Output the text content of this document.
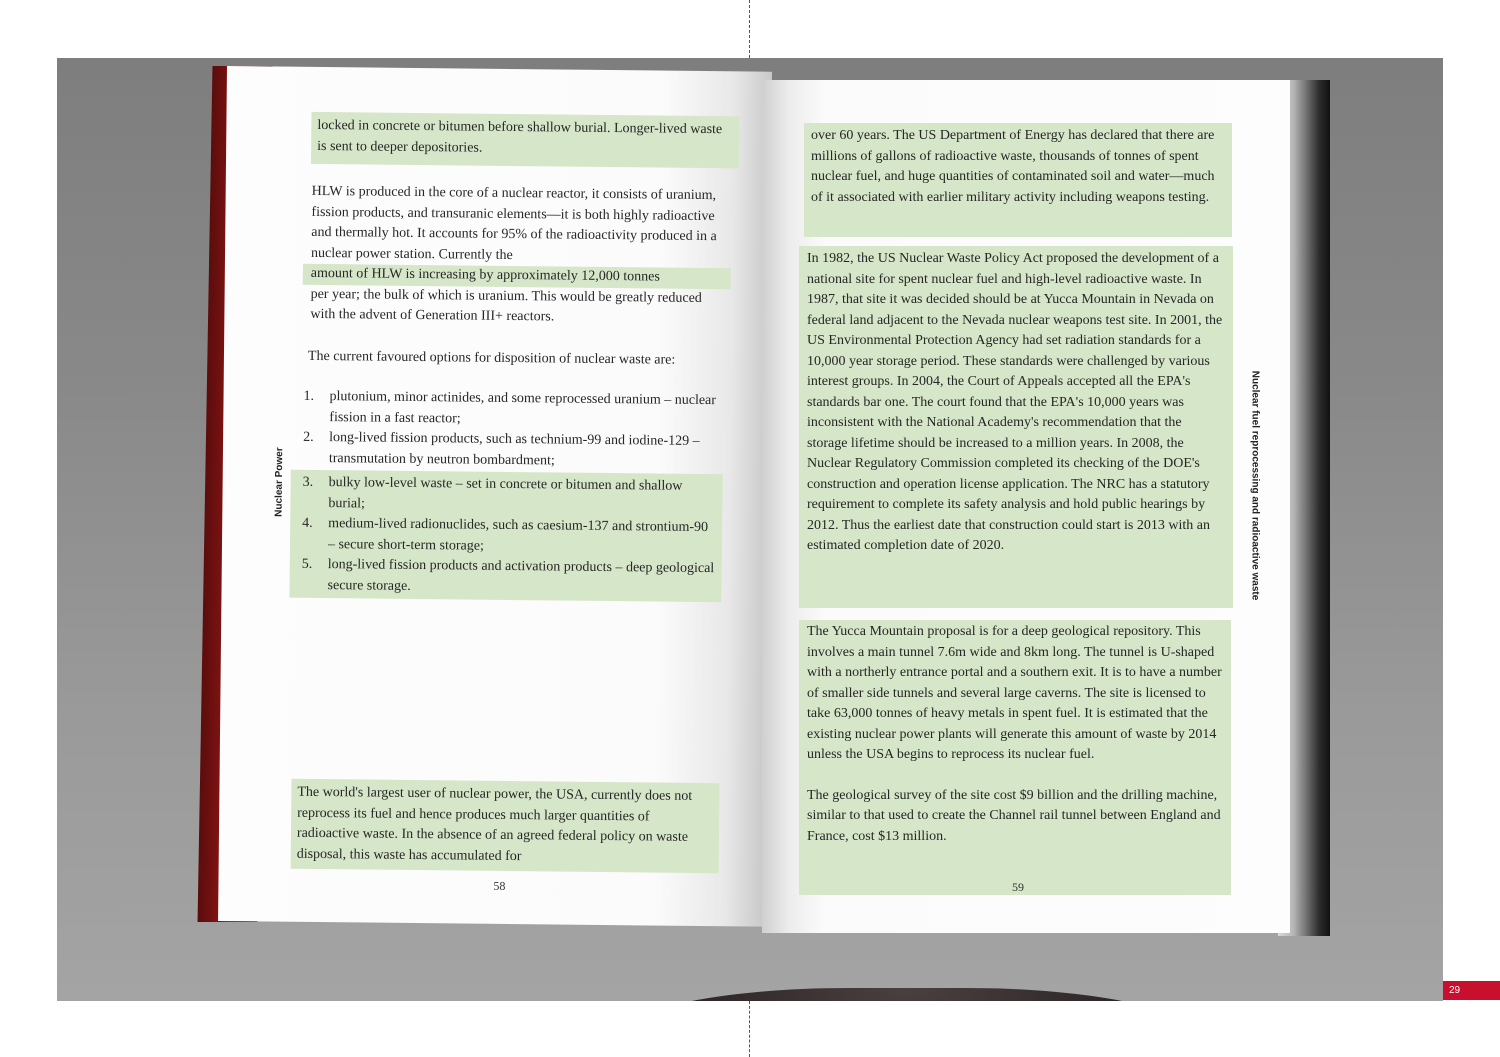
locked in concrete or bitumen before shallow burial. Longer-lived waste is sent to deeper depositories.
HLW is produced in the core of a nuclear reactor, it consists of uranium, fission products, and transuranic elements—it is both highly radioactive and thermally hot. It accounts for 95% of the radioactivity produced in a nuclear power station. Currently the
amount of HLW is increasing by approximately 12,000 tonnes
per year; the bulk of which is uranium. This would be greatly reduced with the advent of Generation III+ reactors.
The current favoured options for disposition of nuclear waste are:
1. plutonium, minor actinides, and some reprocessed uranium – nuclear fission in a fast reactor;
2. long-lived fission products, such as technium-99 and iodine-129 – transmutation by neutron bombardment;
3. bulky low-level waste – set in concrete or bitumen and shallow burial;
4. medium-lived radionuclides, such as caesium-137 and strontium-90 – secure short-term storage;
5. long-lived fission products and activation products – deep geological secure storage.
The world's largest user of nuclear power, the USA, currently does not reprocess its fuel and hence produces much larger quantities of radioactive waste. In the absence of an agreed federal policy on waste disposal, this waste has accumulated for
58
Nuclear Power
over 60 years. The US Department of Energy has declared that there are millions of gallons of radioactive waste, thousands of tonnes of spent nuclear fuel, and huge quantities of contaminated soil and water—much of it associated with earlier military activity including weapons testing.
In 1982, the US Nuclear Waste Policy Act proposed the development of a national site for spent nuclear fuel and high-level radioactive waste. In 1987, that site it was decided should be at Yucca Mountain in Nevada on federal land adjacent to the Nevada nuclear weapons test site. In 2001, the US Environmental Protection Agency had set radiation standards for a 10,000 year storage period. These standards were challenged by various interest groups. In 2004, the Court of Appeals accepted all the EPA's standards bar one. The court found that the EPA's 10,000 years was inconsistent with the National Academy's recommendation that the storage lifetime should be increased to a million years. In 2008, the Nuclear Regulatory Commission completed its checking of the DOE's construction and operation license application. The NRC has a statutory requirement to complete its safety analysis and hold public hearings by 2012. Thus the earliest date that construction could start is 2013 with an estimated completion date of 2020.
The Yucca Mountain proposal is for a deep geological repository. This involves a main tunnel 7.6m wide and 8km long. The tunnel is U-shaped with a northerly entrance portal and a southern exit. It is to have a number of smaller side tunnels and several large caverns. The site is licensed to take 63,000 tonnes of heavy metals in spent fuel. It is estimated that the existing nuclear power plants will generate this amount of waste by 2014 unless the USA begins to reprocess its nuclear fuel.
The geological survey of the site cost $9 billion and the drilling machine, similar to that used to create the Channel rail tunnel between England and France, cost $13 million.
59
Nuclear fuel reprocessing and radioactive waste
29
